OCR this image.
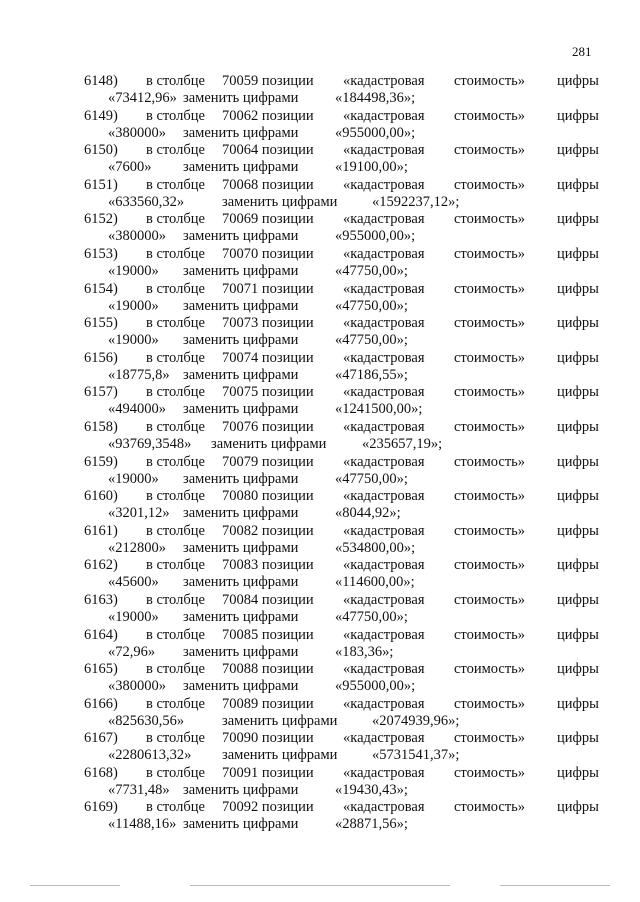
281
6148) в столбце 70059 позиции «кадастровая стоимость» цифры
«73412,96» заменить цифрами	«184498,36»;
6149) в столбце 70062 позиции «кадастровая стоимость» цифры
«380000» заменить цифрами	«955000,00»;
6150) в столбце 70064 позиции «кадастровая стоимость» цифры
«7600» заменить цифрами	«19100,00»;
6151) в столбце 70068 позиции «кадастровая стоимость» цифры
«633560,32»	заменить цифрами «1592237,12»;
6152) в столбце 70069 позиции «кадастровая стоимость» цифры
«380000» заменить цифрами	«955000,00»;
6153) в столбце 70070 позиции «кадастровая стоимость» цифры
«19000» заменить цифрами	«47750,00»;
6154) в столбце 70071 позиции «кадастровая стоимость» цифры
«19000» заменить цифрами	«47750,00»;
6155) в столбце 70073 позиции «кадастровая стоимость» цифры
«19000» заменить цифрами	«47750,00»;
6156) в столбце 70074 позиции «кадастровая стоимость» цифры
«18775,8» заменить цифрами	«47186,55»;
6157) в столбце 70075 позиции «кадастровая стоимость» цифры
«494000» заменить цифрами	«1241500,00»;
6158) в столбце 70076 позиции «кадастровая стоимость» цифры
«93769,3548» заменить цифрами «235657,19»;
6159) в столбце 70079 позиции «кадастровая стоимость» цифры
«19000» заменить цифрами	«47750,00»;
6160) в столбце 70080 позиции «кадастровая стоимость» цифры
«3201,12» заменить цифрами	«8044,92»;
6161) в столбце 70082 позиции «кадастровая стоимость» цифры
«212800» заменить цифрами	«534800,00»;
6162) в столбце 70083 позиции «кадастровая стоимость» цифры
«45600» заменить цифрами	«114600,00»;
6163) в столбце 70084 позиции «кадастровая стоимость» цифры
«19000» заменить цифрами	«47750,00»;
6164) в столбце 70085 позиции «кадастровая стоимость» цифры
«72,96» заменить цифрами	«183,36»;
6165) в столбце 70088 позиции «кадастровая стоимость» цифры
«380000» заменить цифрами	«955000,00»;
6166) в столбце 70089 позиции «кадастровая стоимость» цифры
«825630,56»	заменить цифрами «2074939,96»;
6167) в столбце 70090 позиции «кадастровая стоимость» цифры
«2280613,32» заменить цифрами «5731541,37»;
6168) в столбце 70091 позиции «кадастровая стоимость» цифры
«7731,48» заменить цифрами	«19430,43»;
6169) в столбце 70092 позиции «кадастровая стоимость» цифры
«11488,16» заменить цифрами	«28871,56»;
